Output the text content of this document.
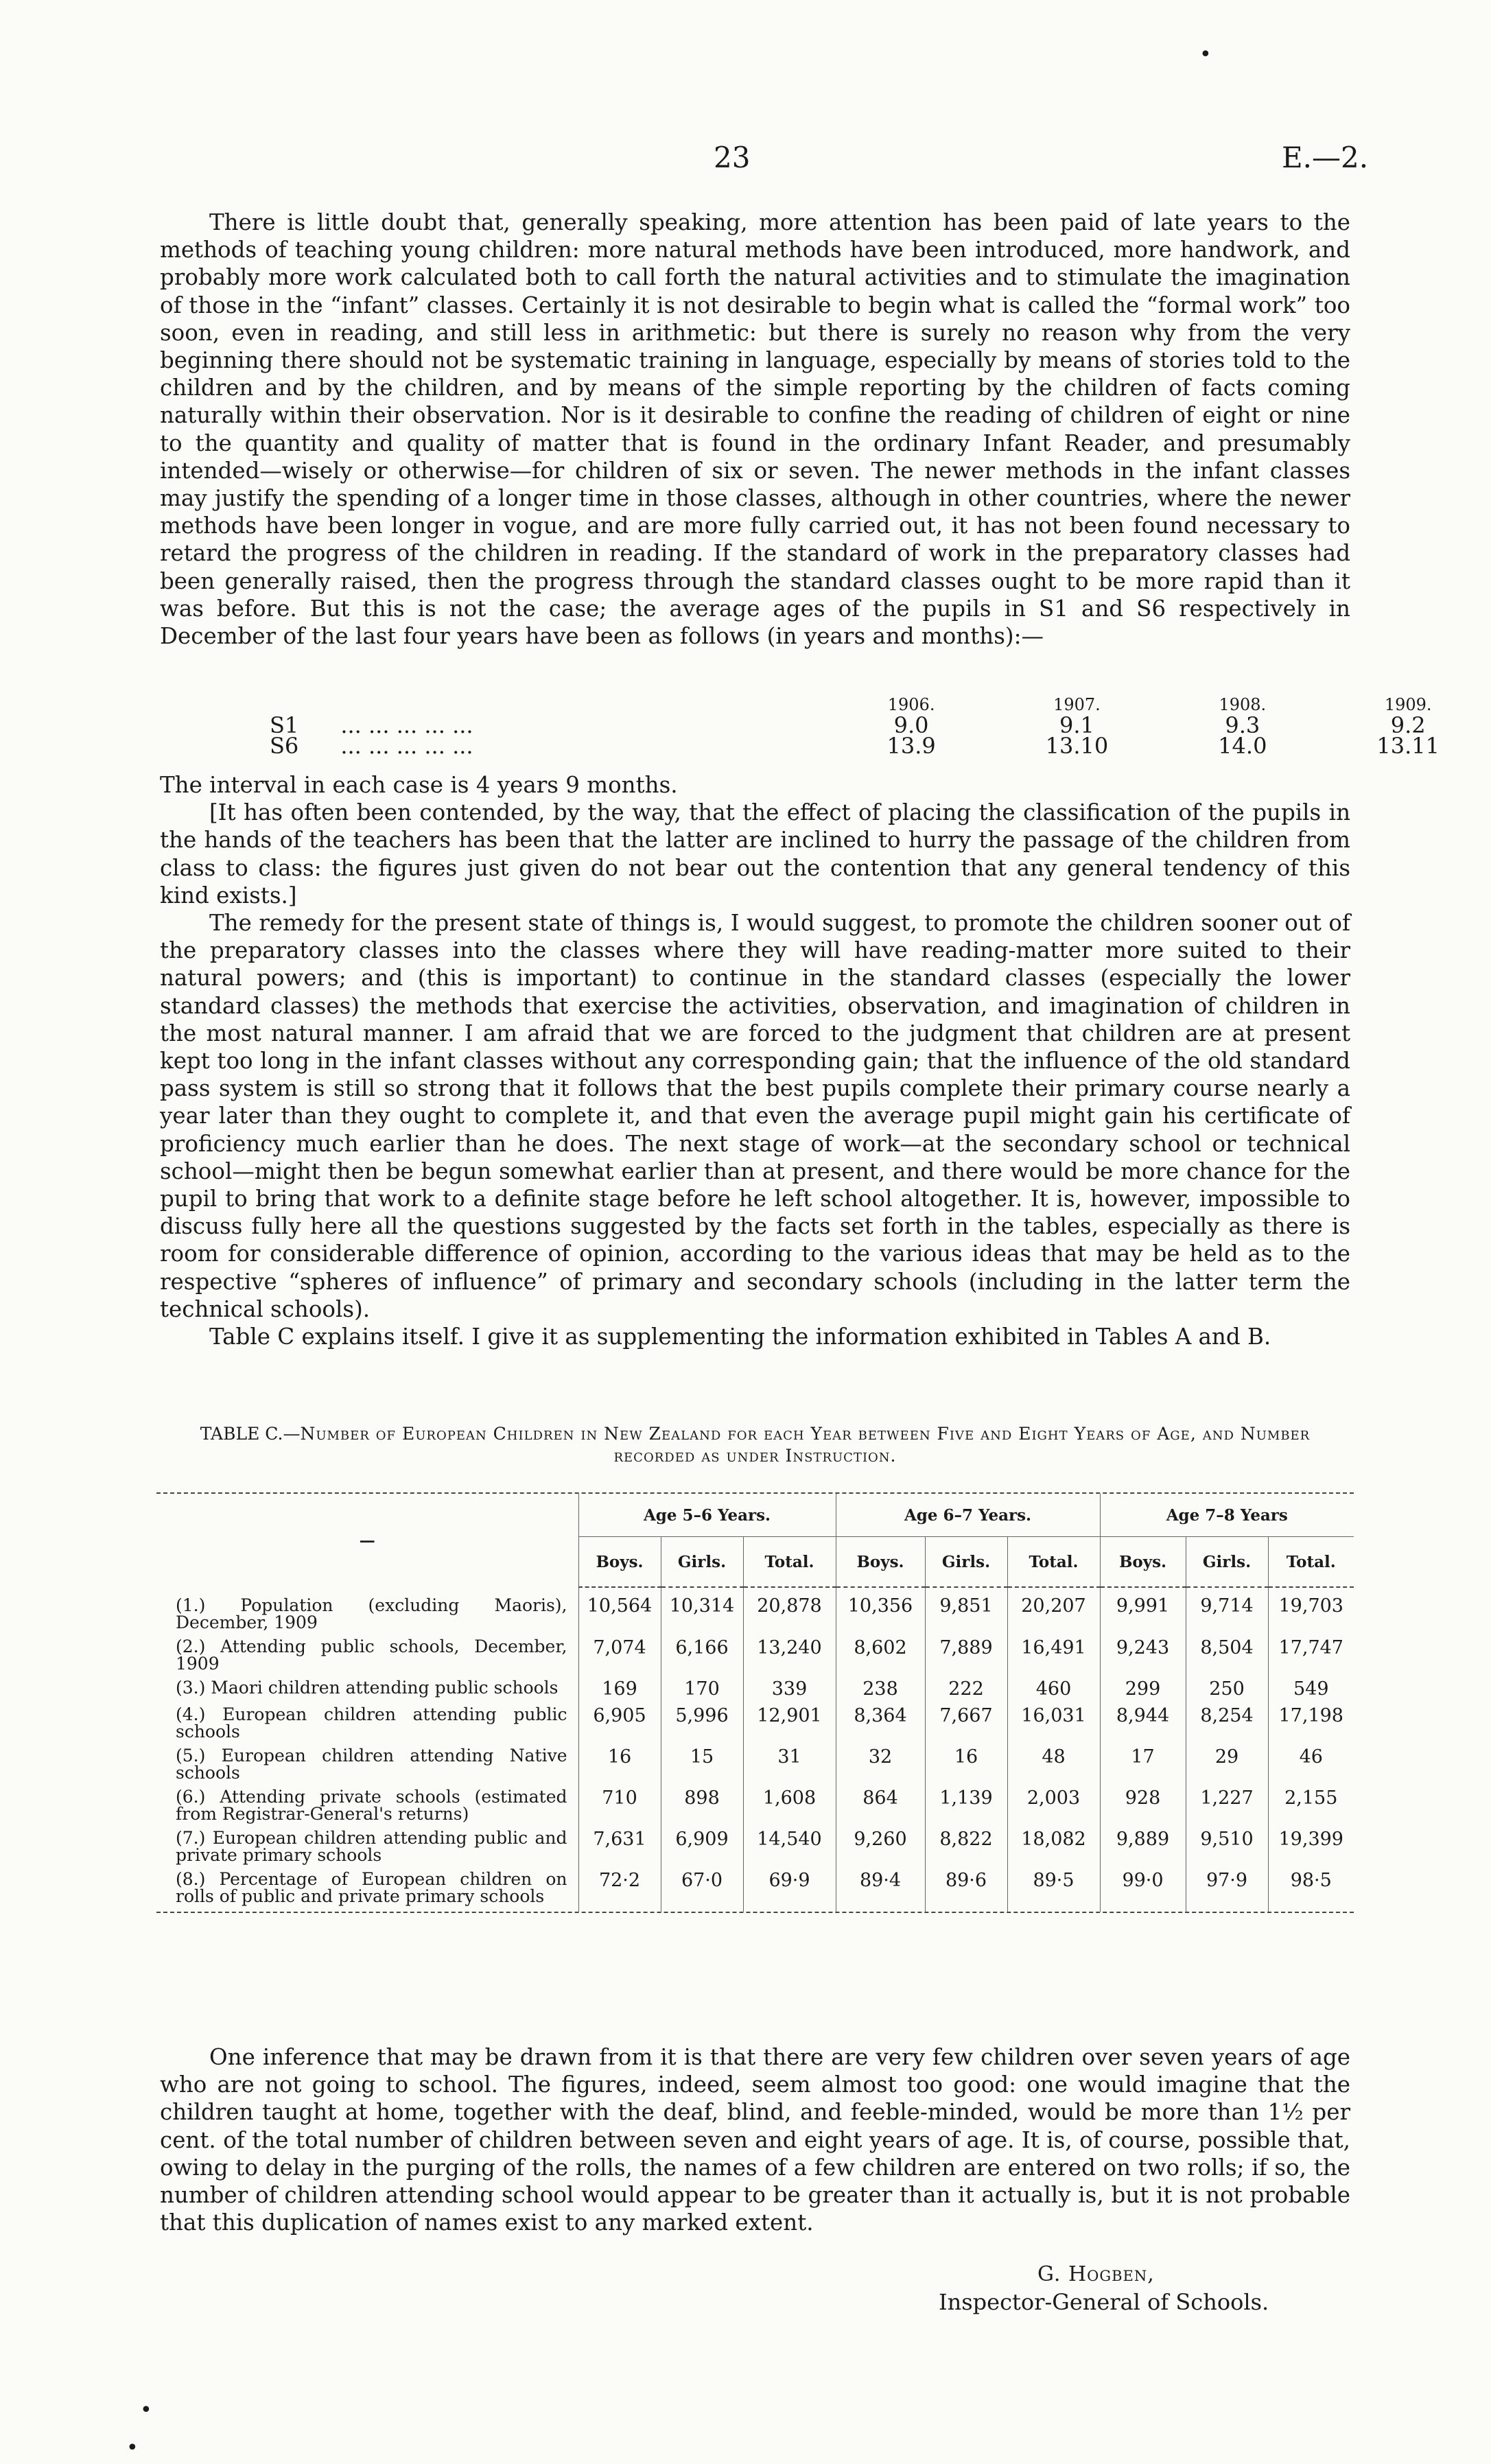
•
•
•
23	E.—2.

There is little doubt that, generally speaking, more attention has been paid of late years to the methods of teaching young children: more natural methods have been introduced, more handwork, and probably more work calculated both to call forth the natural activities and to stimulate the imagination of those in the “infant” classes. Certainly it is not desirable to begin what is called the “formal work” too soon, even in reading, and still less in arithmetic: but there is surely no reason why from the very beginning there should not be systematic training in language, especially by means of stories told to the children and by the children, and by means of the simple reporting by the children of facts coming naturally within their observation. Nor is it desirable to confine the reading of children of eight or nine to the quantity and quality of matter that is found in the ordinary Infant Reader, and presumably intended—wisely or otherwise—for children of six or seven. The newer methods in the infant classes may justify the spending of a longer time in those classes, although in other countries, where the newer methods have been longer in vogue, and are more fully carried out, it has not been found necessary to retard the progress of the children in reading. If the standard of work in the preparatory classes had been generally raised, then the progress through the standard classes ought to be more rapid than it was before. But this is not the case; the average ages of the pupils in S1 and S6 respectively in December of the last four years have been as follows (in years and months):—

	1906.	1907.	1908.	1909.
S1 ... ... ... ... ...	9.0	9.1	9.3	9.2
S6 ... ... ... ... ...	13.9	13.10	14.0	13.11

The interval in each case is 4 years 9 months.

[It has often been contended, by the way, that the effect of placing the classification of the pupils in the hands of the teachers has been that the latter are inclined to hurry the passage of the children from class to class: the figures just given do not bear out the contention that any general tendency of this kind exists.]

The remedy for the present state of things is, I would suggest, to promote the children sooner out of the preparatory classes into the classes where they will have reading-matter more suited to their natural powers; and (this is important) to continue in the standard classes (especially the lower standard classes) the methods that exercise the activities, observation, and imagination of children in the most natural manner. I am afraid that we are forced to the judgment that children are at present kept too long in the infant classes without any corresponding gain; that the influence of the old standard pass system is still so strong that it follows that the best pupils complete their primary course nearly a year later than they ought to complete it, and that even the average pupil might gain his certificate of proficiency much earlier than he does. The next stage of work—at the secondary school or technical school—might then be begun somewhat earlier than at present, and there would be more chance for the pupil to bring that work to a definite stage before he left school altogether. It is, however, impossible to discuss fully here all the questions suggested by the facts set forth in the tables, especially as there is room for considerable difference of opinion, according to the various ideas that may be held as to the respective “spheres of influence” of primary and secondary schools (including in the latter term the technical schools).

Table C explains itself. I give it as supplementing the information exhibited in Tables A and B.

TABLE C.—Number of European Children in New Zealand for each Year between Five and Eight Years of Age, and Number recorded as under Instruction.
—	Age 5–6 Years.			Age 6–7 Years.			Age 7–8 Years		
	Boys.	Girls.	Total.	Boys.	Girls.	Total.	Boys.	Girls.	Total.
(1.) Population (excluding Maoris), December, 1909	10,564	10,314	20,878	10,356	9,851	20,207	9,991	9,714	19,703
(2.) Attending public schools, December, 1909	7,074	6,166	13,240	8,602	7,889	16,491	9,243	8,504	17,747
(3.) Maori children attending public schools	169	170	339	238	222	460	299	250	549
(4.) European children attending public schools	6,905	5,996	12,901	8,364	7,667	16,031	8,944	8,254	17,198
(5.) European children attending Native schools	16	15	31	32	16	48	17	29	46
(6.) Attending private schools (estimated from Registrar-General's returns)	710	898	1,608	864	1,139	2,003	928	1,227	2,155
(7.) European children attending public and private primary schools	7,631	6,909	14,540	9,260	8,822	18,082	9,889	9,510	19,399
(8.) Percentage of European children on rolls of public and private primary schools	72·2	67·0	69·9	89·4	89·6	89·5	99·0	97·9	98·5

One inference that may be drawn from it is that there are very few children over seven years of age who are not going to school. The figures, indeed, seem almost too good: one would imagine that the children taught at home, together with the deaf, blind, and feeble-minded, would be more than 1½ per cent. of the total number of children between seven and eight years of age. It is, of course, possible that, owing to delay in the purging of the rolls, the names of a few children are entered on two rolls; if so, the number of children attending school would appear to be greater than it actually is, but it is not probable that this duplication of names exist to any marked extent.

G. Hogben,
Inspector-General of Schools.
